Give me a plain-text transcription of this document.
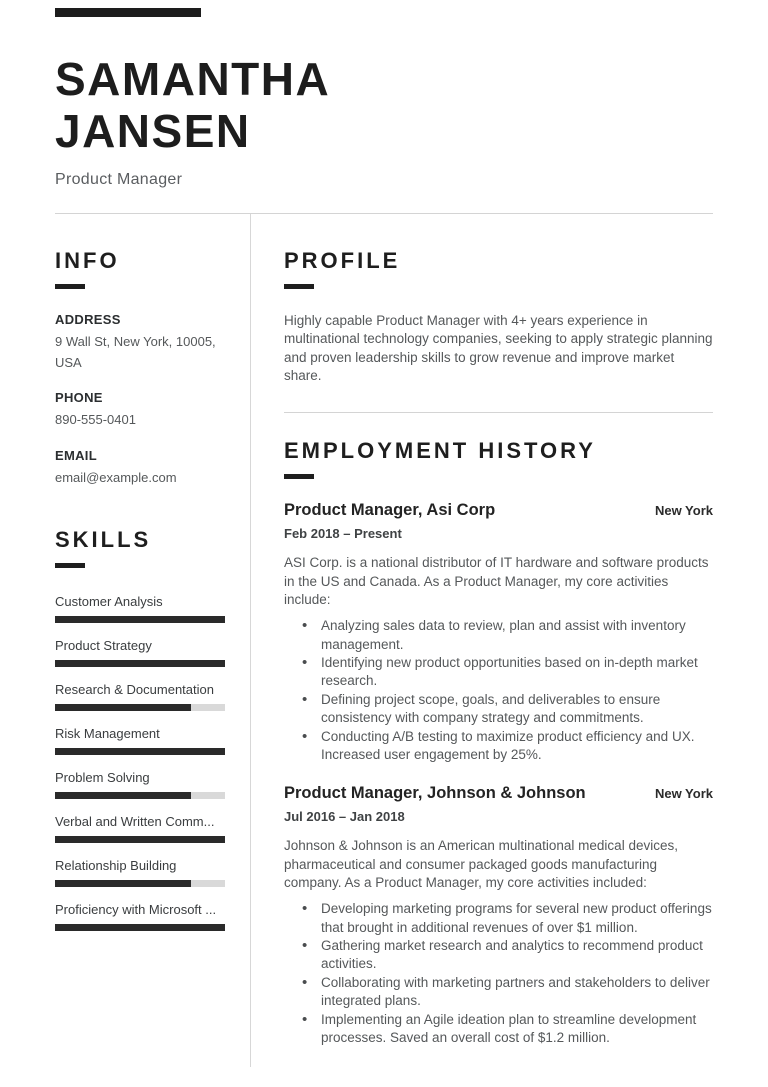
SAMANTHA
JANSEN
Product Manager
INFO
ADDRESS
9 Wall St, New York, 10005, USA
PHONE
890-555-0401
EMAIL
email@example.com
SKILLS
Customer Analysis
Product Strategy
Research & Documentation
Risk Management
Problem Solving
Verbal and Written Comm...
Relationship Building
Proficiency with Microsoft ...
PROFILE

Highly capable Product Manager with 4+ years experience in multinational technology companies, seeking to apply strategic planning and proven leadership skills to grow revenue and improve market share.

EMPLOYMENT HISTORY
Product Manager, Asi Corp	New York
Feb 2018 – Present

ASI Corp. is a national distributor of IT hardware and software products in the US and Canada. As a Product Manager, my core activities include:

• Analyzing sales data to review, plan and assist with inventory management.
• Identifying new product opportunities based on in-depth market research.
• Defining project scope, goals, and deliverables to ensure consistency with company strategy and commitments.
• Conducting A/B testing to maximize product efficiency and UX. Increased user engagement by 25%.
Product Manager, Johnson & Johnson	New York
Jul 2016 – Jan 2018

Johnson & Johnson is an American multinational medical devices, pharmaceutical and consumer packaged goods manufacturing company. As a Product Manager, my core activities included:

• Developing marketing programs for several new product offerings that brought in additional revenues of over $1 million.
• Gathering market research and analytics to recommend product activities.
• Collaborating with marketing partners and stakeholders to deliver integrated plans.
• Implementing an Agile ideation plan to streamline development processes. Saved an overall cost of $1.2 million.
